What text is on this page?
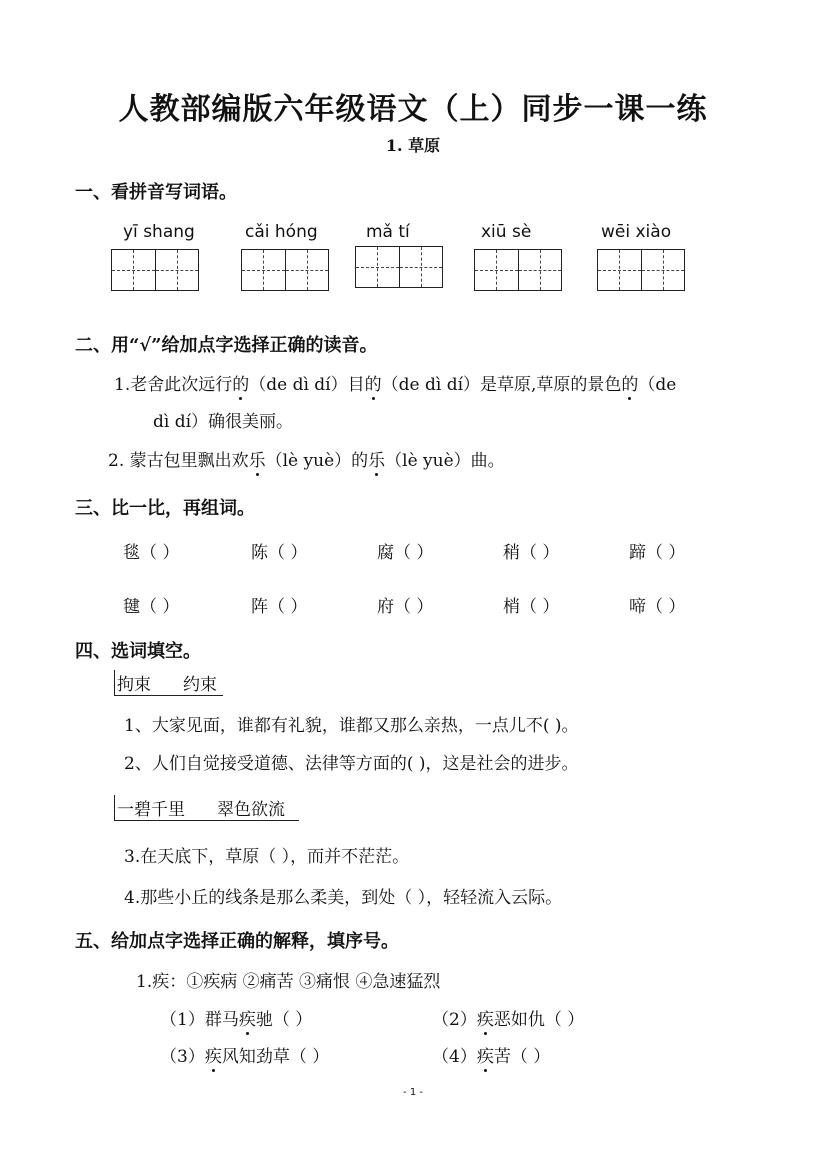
人教部编版六年级语文（上）同步一课一练
1. 草原
一、看拼音写词语。
yī shang	cǎi hóng	mǎ tí	xiū sè	wēi xiào
二、用“√”给加点字选择正确的读音。
1.老舍此次远行的（de dì dí）目的（de dì dí）是草原,草原的景色的（de
dì dí）确很美丽。
2. 蒙古包里飘出欢乐（lè yuè）的乐（lè yuè）曲。
三、比一比，再组词。
毯（ ）	陈（ ）	腐（ ）	稍（ ）	蹄（ ）
毽（ ）	阵（ ）	府（ ）	梢（ ）	啼（ ）
四、选词填空。
拘束 约束
1、大家见面，谁都有礼貌，谁都又那么亲热，一点儿不( )。
2、人们自觉接受道德、法律等方面的( )，这是社会的进步。
一碧千里 翠色欲流
3.在天底下，草原（ ），而并不茫茫。
4.那些小丘的线条是那么柔美，到处（ ），轻轻流入云际。
五、给加点字选择正确的解释，填序号。
1.疾：①疾病 ②痛苦 ③痛恨 ④急速猛烈
（1）群马疾驰（ ）	（2）疾恶如仇（ ）
（3）疾风知劲草（ ）	（4）疾苦（ ）
- 1 -
